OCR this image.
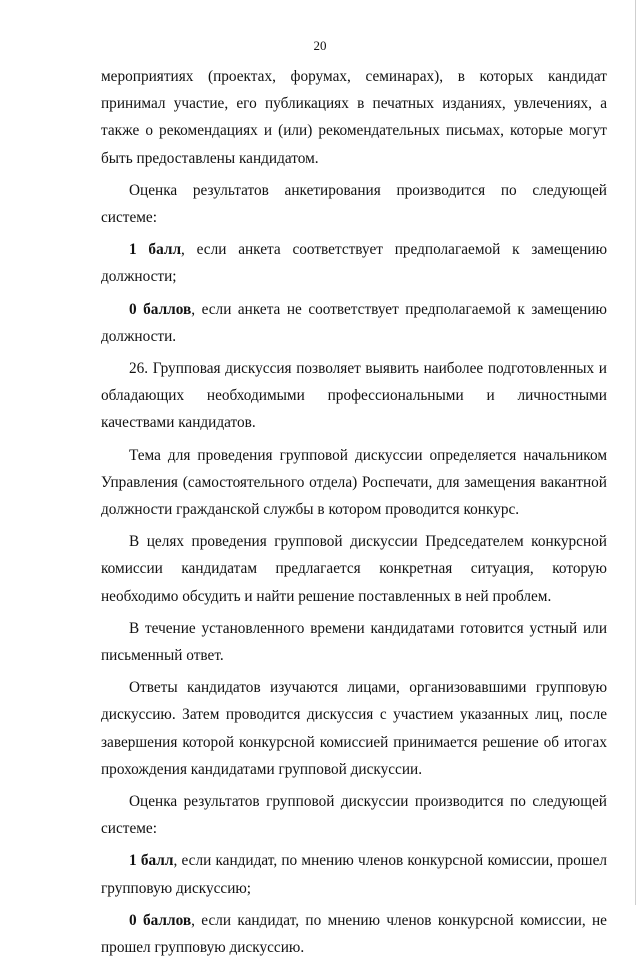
20

мероприятиях (проектах, форумах, семинарах), в которых кандидат принимал участие, его публикациях в печатных изданиях, увлечениях, а также о рекомендациях и (или) рекомендательных письмах, которые могут быть предоставлены кандидатом.

Оценка результатов анкетирования производится по следующей системе:

1 балл, если анкета соответствует предполагаемой к замещению должности;

0 баллов, если анкета не соответствует предполагаемой к замещению должности.

26. Групповая дискуссия позволяет выявить наиболее подготовленных и обладающих необходимыми профессиональными и личностными качествами кандидатов.

Тема для проведения групповой дискуссии определяется начальником Управления (самостоятельного отдела) Роспечати, для замещения вакантной должности гражданской службы в котором проводится конкурс.

В целях проведения групповой дискуссии Председателем конкурсной комиссии кандидатам предлагается конкретная ситуация, которую необходимо обсудить и найти решение поставленных в ней проблем.

В течение установленного времени кандидатами готовится устный или письменный ответ.

Ответы кандидатов изучаются лицами, организовавшими групповую дискуссию. Затем проводится дискуссия с участием указанных лиц, после завершения которой конкурсной комиссией принимается решение об итогах прохождения кандидатами групповой дискуссии.

Оценка результатов групповой дискуссии производится по следующей системе:

1 балл, если кандидат, по мнению членов конкурсной комиссии, прошел групповую дискуссию;

0 баллов, если кандидат, по мнению членов конкурсной комиссии, не прошел групповую дискуссию.
